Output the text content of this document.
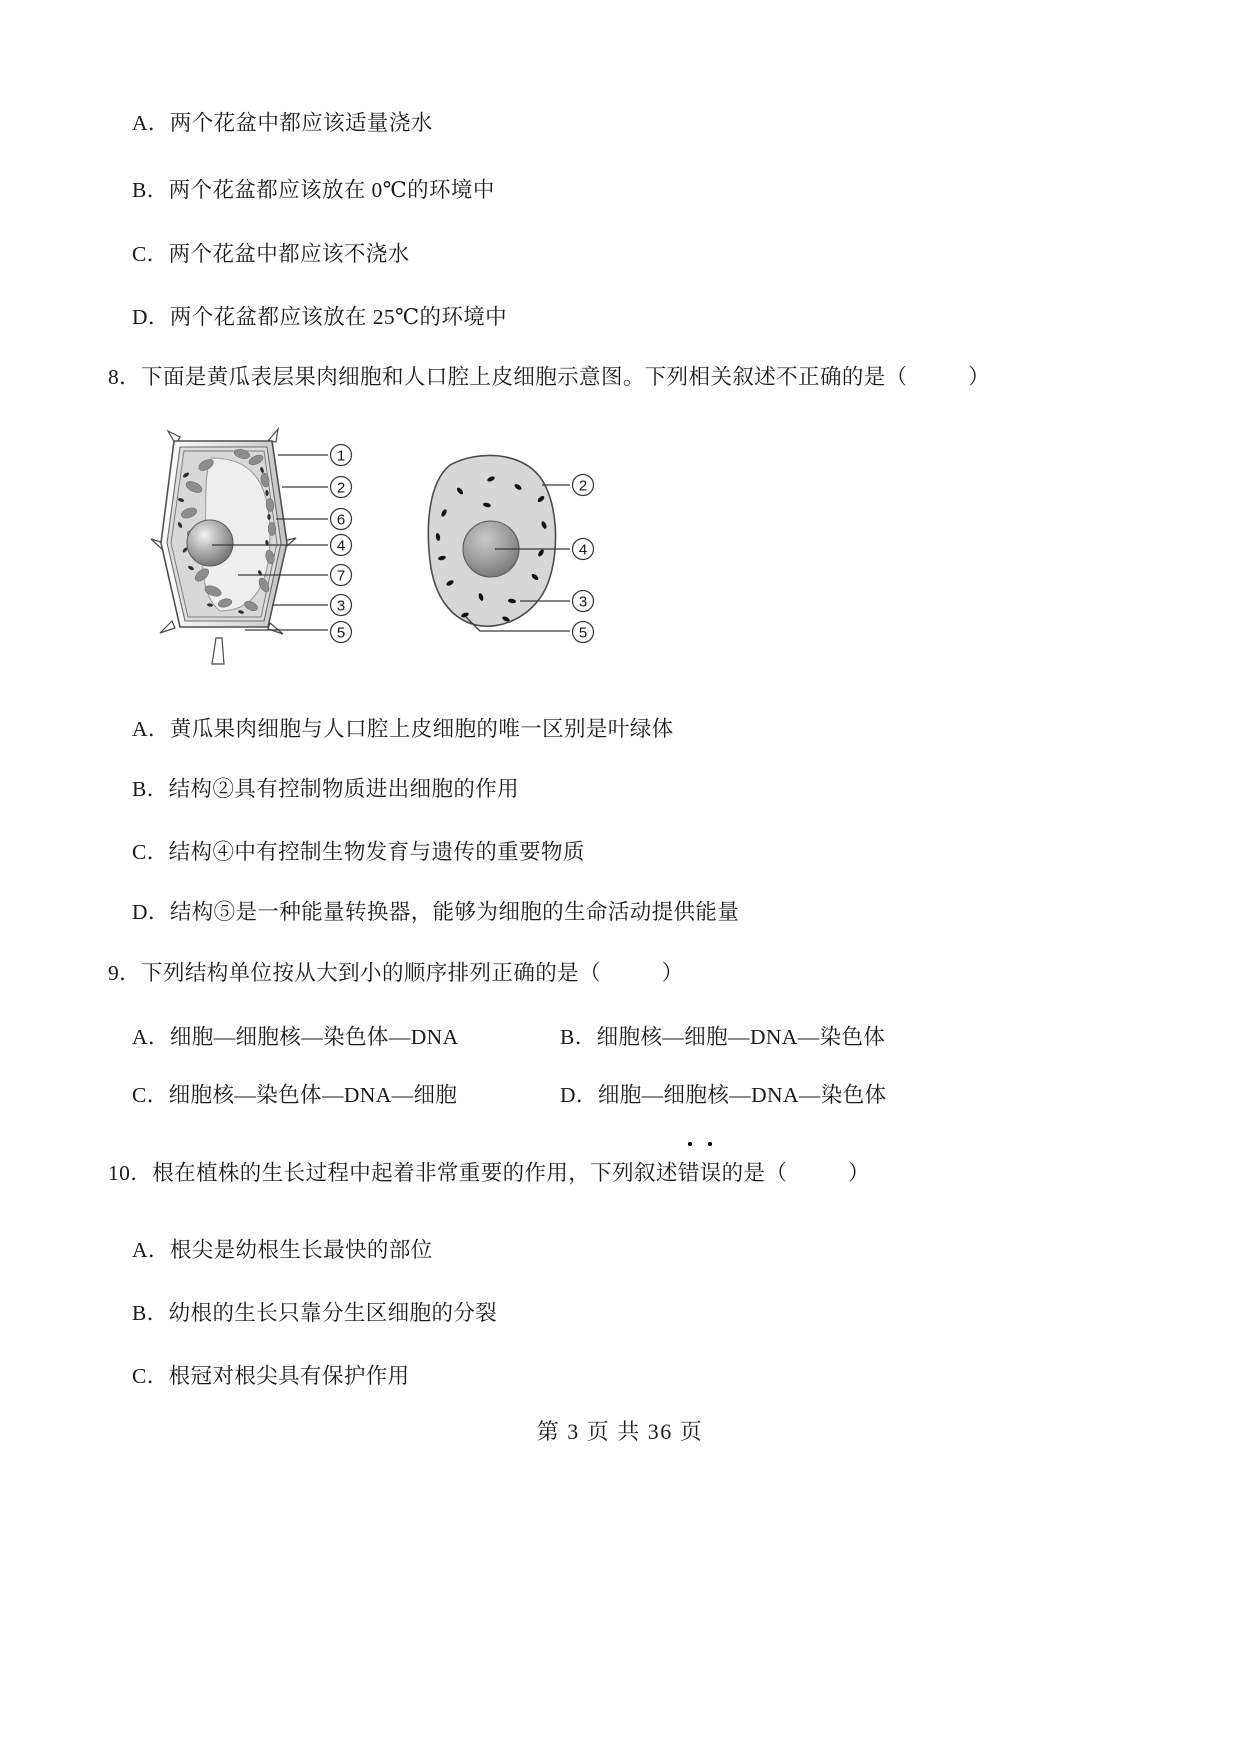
A．两个花盆中都应该适量浇水
B．两个花盆都应该放在 0℃的环境中
C．两个花盆中都应该不浇水
D．两个花盆都应该放在 25℃的环境中
8．下面是黄瓜表层果肉细胞和人口腔上皮细胞示意图。下列相关叙述不正确的是（　　）
1
2
6
4
7
3
5
2
4
3
5
A．黄瓜果肉细胞与人口腔上皮细胞的唯一区别是叶绿体
B．结构②具有控制物质进出细胞的作用
C．结构④中有控制生物发育与遗传的重要物质
D．结构⑤是一种能量转换器，能够为细胞的生命活动提供能量
9．下列结构单位按从大到小的顺序排列正确的是（　　）
A．细胞—细胞核—染色体—DNA	B．细胞核—细胞—DNA—染色体
C．细胞核—染色体—DNA—细胞	D．细胞—细胞核—DNA—染色体
10．根在植株的生长过程中起着非常重要的作用，下列叙述
错误的是（　　）
A．根尖是幼根生长最快的部位
B．幼根的生长只靠分生区细胞的分裂
C．根冠对根尖具有保护作用
第 3 页 共 36 页
